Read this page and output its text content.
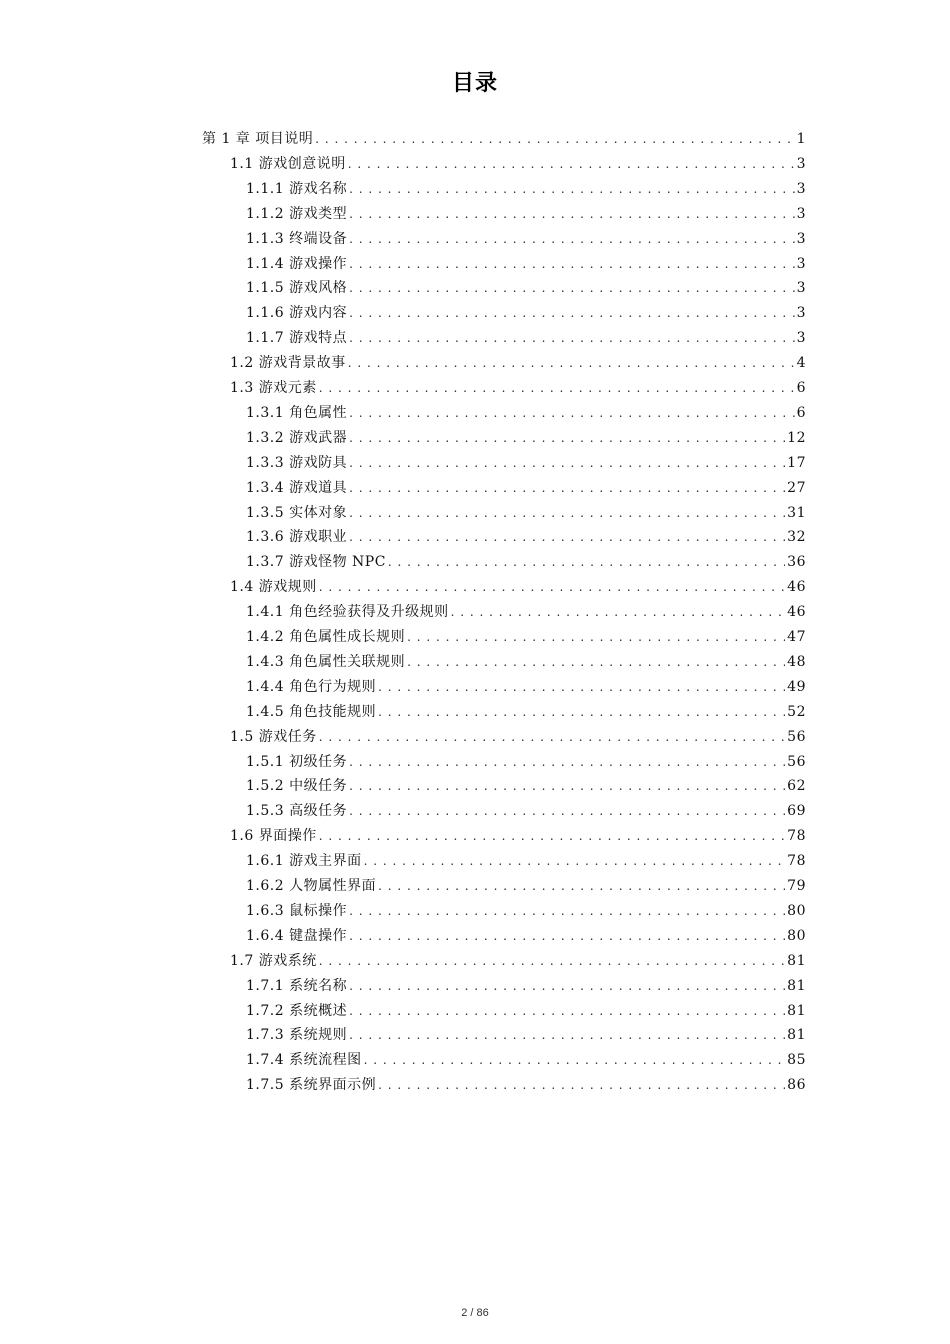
目录
第 1 章 项目说明 . . .	1
1.1 游戏创意说明 . . .	3
1.1.1 游戏名称 . . .	3
1.1.2 游戏类型 . . .	3
1.1.3 终端设备 . . .	3
1.1.4 游戏操作 . . .	3
1.1.5 游戏风格 . . .	3
1.1.6 游戏内容 . . .	3
1.1.7 游戏特点 . . .	3
1.2 游戏背景故事 . . .	4
1.3 游戏元素 . . .	6
1.3.1 角色属性 . . .	6
1.3.2 游戏武器 . . .	12
1.3.3 游戏防具 . . .	17
1.3.4 游戏道具 . . .	27
1.3.5 实体对象 . . .	31
1.3.6 游戏职业 . . .	32
1.3.7 游戏怪物 NPC . . .	36
1.4 游戏规则 . . .	46
1.4.1 角色经验获得及升级规则 . . .	46
1.4.2 角色属性成长规则 . . .	47
1.4.3 角色属性关联规则 . . .	48
1.4.4 角色行为规则 . . .	49
1.4.5 角色技能规则 . . .	52
1.5 游戏任务 . . .	56
1.5.1 初级任务 . . .	56
1.5.2 中级任务 . . .	62
1.5.3 高级任务 . . .	69
1.6 界面操作 . . .	78
1.6.1 游戏主界面 . . .	78
1.6.2 人物属性界面 . . .	79
1.6.3 鼠标操作 . . .	80
1.6.4 键盘操作 . . .	80
1.7 游戏系统 . . .	81
1.7.1 系统名称 . . .	81
1.7.2 系统概述 . . .	81
1.7.3 系统规则 . . .	81
1.7.4 系统流程图 . . .	85
1.7.5 系统界面示例 . . .	86
2 / 86
